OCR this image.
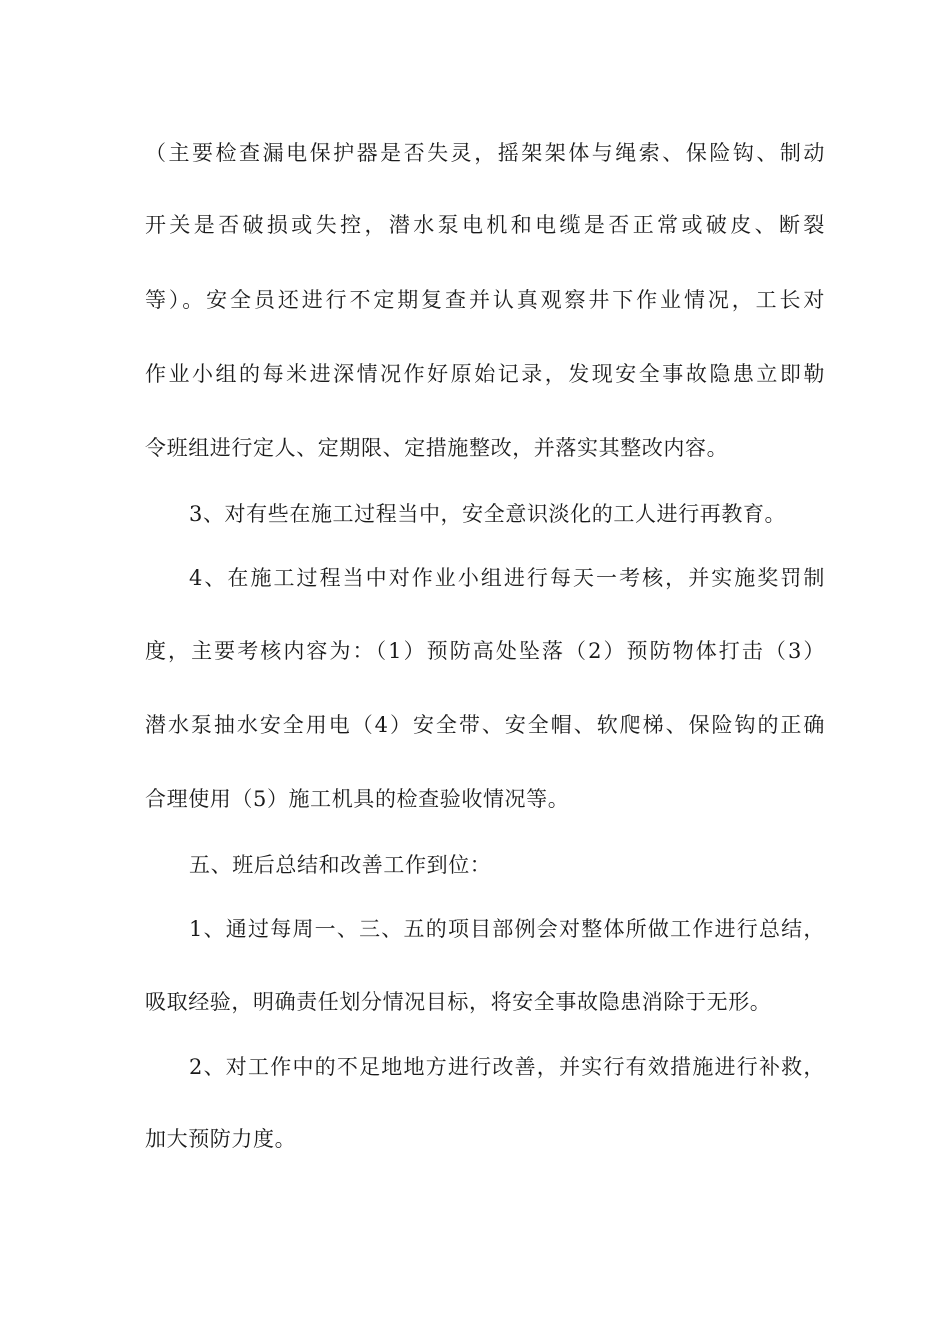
（主要检查漏电保护器是否失灵，摇架架体与绳索、保险钩、制动
开关是否破损或失控，潜水泵电机和电缆是否正常或破皮、断裂
等）。安全员还进行不定期复查并认真观察井下作业情况，工长对
作业小组的每米进深情况作好原始记录，发现安全事故隐患立即勒
令班组进行定人、定期限、定措施整改，并落实其整改内容。
3、对有些在施工过程当中，安全意识淡化的工人进行再教育。
4、在施工过程当中对作业小组进行每天一考核，并实施奖罚制
度，主要考核内容为：（1）预防高处坠落（2）预防物体打击（3）
潜水泵抽水安全用电（4）安全带、安全帽、软爬梯、保险钩的正确
合理使用（5）施工机具的检查验收情况等。
五、班后总结和改善工作到位：
1、通过每周一、三、五的项目部例会对整体所做工作进行总结，
吸取经验，明确责任划分情况目标，将安全事故隐患消除于无形。
2、对工作中的不足地地方进行改善，并实行有效措施进行补救，
加大预防力度。
